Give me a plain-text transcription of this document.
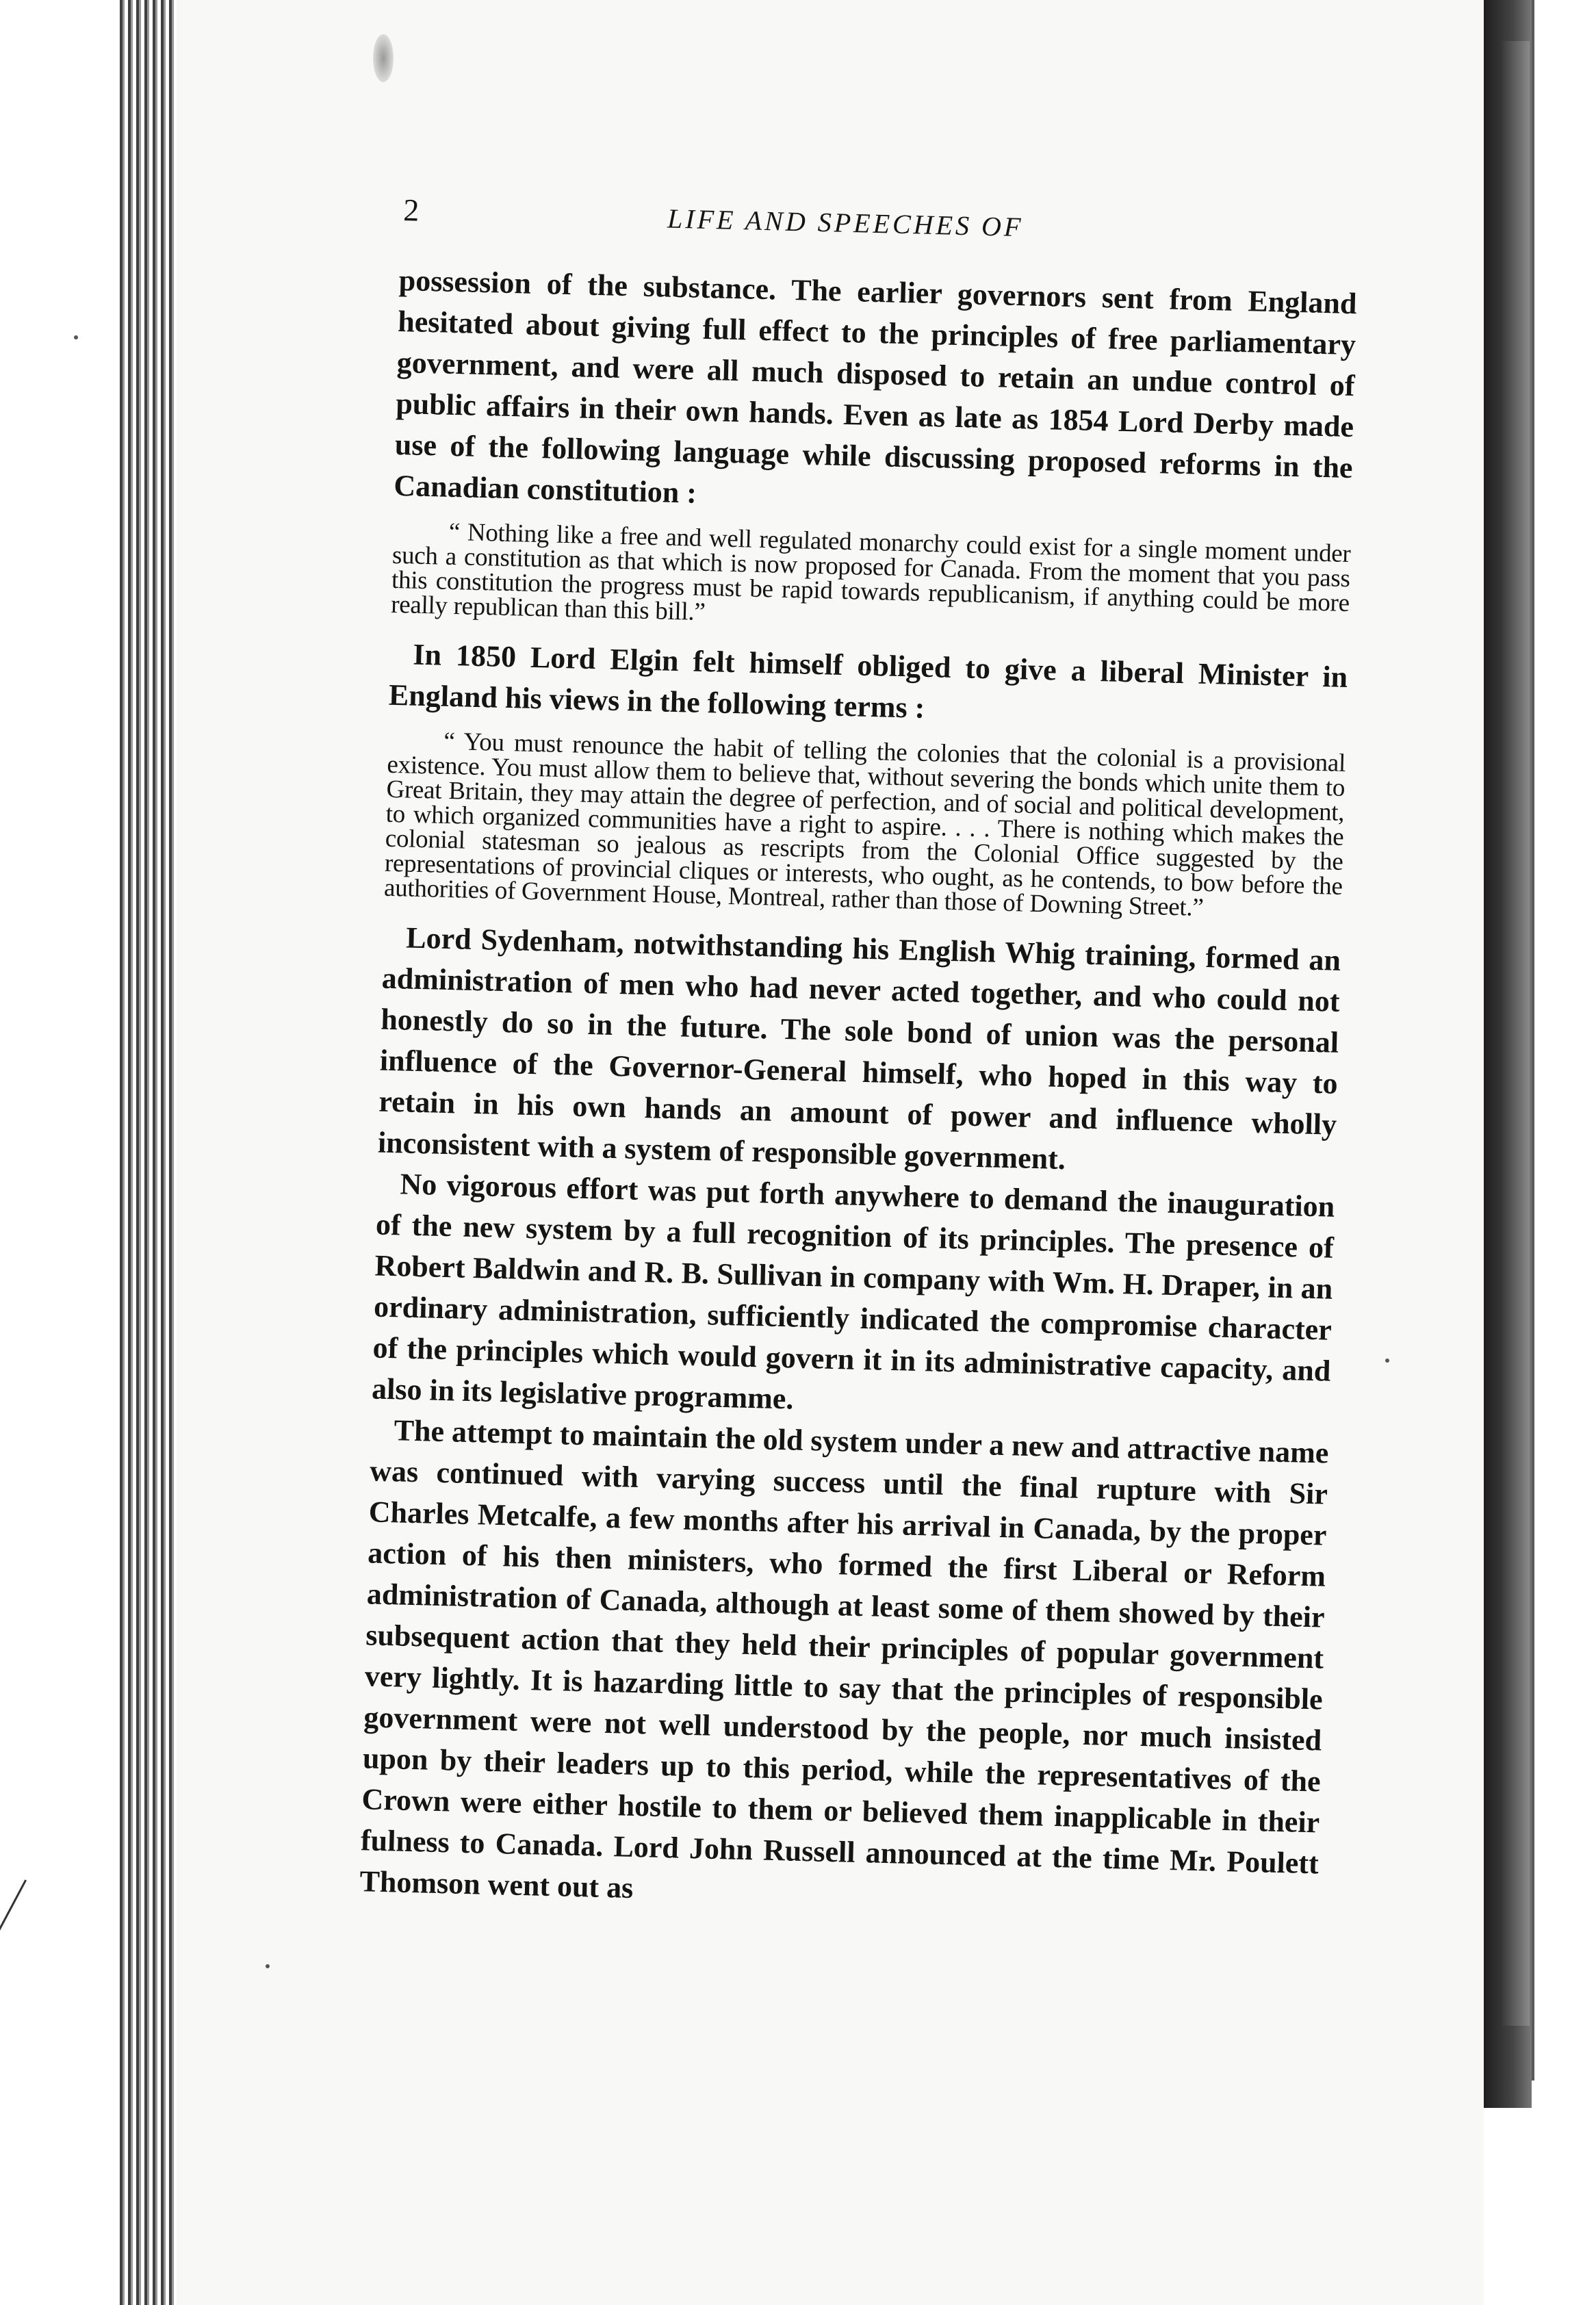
2	LIFE AND SPEECHES OF

possession of the substance. The earlier governors sent from England hesitated about giving full effect to the principles of free parliamentary government, and were all much disposed to retain an undue control of public affairs in their own hands. Even as late as 1854 Lord Derby made use of the following language while discussing proposed reforms in the Canadian constitution :

“ Nothing like a free and well regulated monarchy could exist for a single moment under such a constitution as that which is now proposed for Canada. From the moment that you pass this constitution the progress must be rapid towards republicanism, if anything could be more really republican than this bill.”

In 1850 Lord Elgin felt himself obliged to give a liberal Minister in England his views in the following terms :

“ You must renounce the habit of telling the colonies that the colonial is a provisional existence. You must allow them to believe that, without severing the bonds which unite them to Great Britain, they may attain the degree of perfection, and of social and political development, to which organized communities have a right to aspire. . . . There is nothing which makes the colonial statesman so jealous as rescripts from the Colonial Office suggested by the representations of provincial cliques or interests, who ought, as he contends, to bow before the authorities of Government House, Montreal, rather than those of Downing Street.”

Lord Sydenham, notwithstanding his English Whig training, formed an administration of men who had never acted together, and who could not honestly do so in the future. The sole bond of union was the personal influence of the Governor-General himself, who hoped in this way to retain in his own hands an amount of power and influence wholly inconsistent with a system of responsible government.

No vigorous effort was put forth anywhere to demand the inauguration of the new system by a full recognition of its principles. The presence of Robert Baldwin and R. B. Sullivan in company with Wm. H. Draper, in an ordinary administration, sufficiently indicated the compromise character of the principles which would govern it in its administrative capacity, and also in its legislative programme.

The attempt to maintain the old system under a new and attractive name was continued with varying success until the final rupture with Sir Charles Metcalfe, a few months after his arrival in Canada, by the proper action of his then ministers, who formed the first Liberal or Reform administration of Canada, although at least some of them showed by their subsequent action that they held their principles of popular government very lightly. It is hazarding little to say that the principles of responsible government were not well understood by the people, nor much insisted upon by their leaders up to this period, while the representatives of the Crown were either hostile to them or believed them inapplicable in their fulness to Canada. Lord John Russell announced at the time Mr. Poulett Thomson went out as
